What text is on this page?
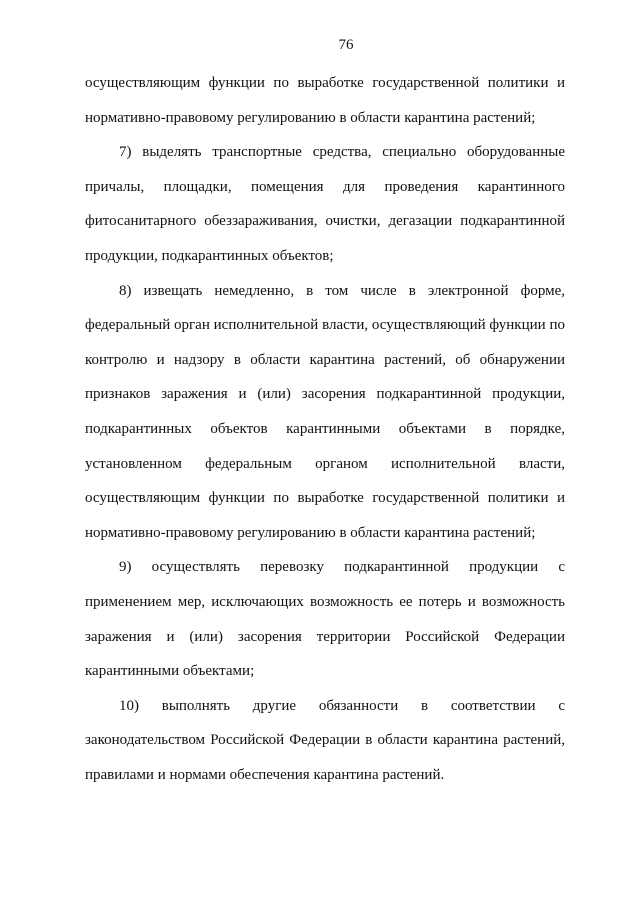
76
осуществляющим функции по выработке государственной политики и
нормативно-правовому регулированию в области карантина растений;
7) выделять транспортные средства, специально оборудованные
причалы, площадки, помещения для проведения карантинного
фитосанитарного обеззараживания, очистки, дегазации подкарантинной
продукции, подкарантинных объектов;
8) извещать немедленно, в том числе в электронной форме,
федеральный орган исполнительной власти, осуществляющий функции по
контролю и надзору в области карантина растений, об обнаружении
признаков заражения и (или) засорения подкарантинной продукции,
подкарантинных объектов карантинными объектами в порядке,
установленном федеральным органом исполнительной власти,
осуществляющим функции по выработке государственной политики и
нормативно-правовому регулированию в области карантина растений;
9) осуществлять перевозку подкарантинной продукции с
применением мер, исключающих возможность ее потерь и возможность
заражения и (или) засорения территории Российской Федерации
карантинными объектами;
10) выполнять другие обязанности в соответствии с
законодательством Российской Федерации в области карантина растений,
правилами и нормами обеспечения карантина растений.
